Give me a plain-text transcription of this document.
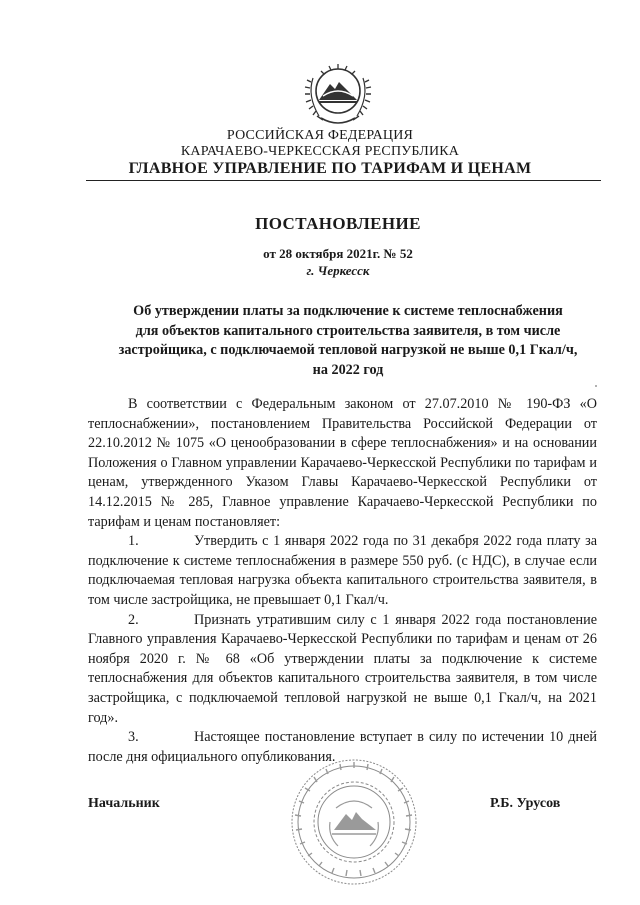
РОССИЙСКАЯ ФЕДЕРАЦИЯ
КАРАЧАЕВО-ЧЕРКЕССКАЯ РЕСПУБЛИКА
ГЛАВНОЕ УПРАВЛЕНИЕ ПО ТАРИФАМ И ЦЕНАМ
ПОСТАНОВЛЕНИЕ
от 28 октября 2021г. № 52
г. Черкесск
Об утверждении платы за подключение к системе теплоснабжения
для объектов капитального строительства заявителя, в том числе
застройщика, с подключаемой тепловой нагрузкой не выше 0,1 Гкал/ч,
на 2022 год

В соответствии с Федеральным законом от 27.07.2010 № 190-ФЗ «О теплоснабжении», постановлением Правительства Российской Федерации от 22.10.2012 № 1075 «О ценообразовании в сфере теплоснабжения» и на основании Положения о Главном управлении Карачаево-Черкесской Республики по тарифам и ценам, утвержденного Указом Главы Карачаево-Черкесской Республики от 14.12.2015 № 285, Главное управление Карачаево-Черкесской Республики по тарифам и ценам постановляет:

1.	Утвердить с 1 января 2022 года по 31 декабря 2022 года плату за подключение к системе теплоснабжения в размере 550 руб. (с НДС), в случае если подключаемая тепловая нагрузка объекта капитального строительства заявителя, в том числе застройщика, не превышает 0,1 Гкал/ч.

2.	Признать утратившим силу с 1 января 2022 года постановление Главного управления Карачаево-Черкесской Республики по тарифам и ценам от 26 ноября 2020 г. № 68 «Об утверждении платы за подключение к системе теплоснабжения для объектов капитального строительства заявителя, в том числе застройщика, с подключаемой тепловой нагрузкой не выше 0,1 Гкал/ч, на 2021 год».

3.	Настоящее постановление вступает в силу по истечении 10 дней после дня официального опубликования.

Начальник	Р.Б. Урусов
